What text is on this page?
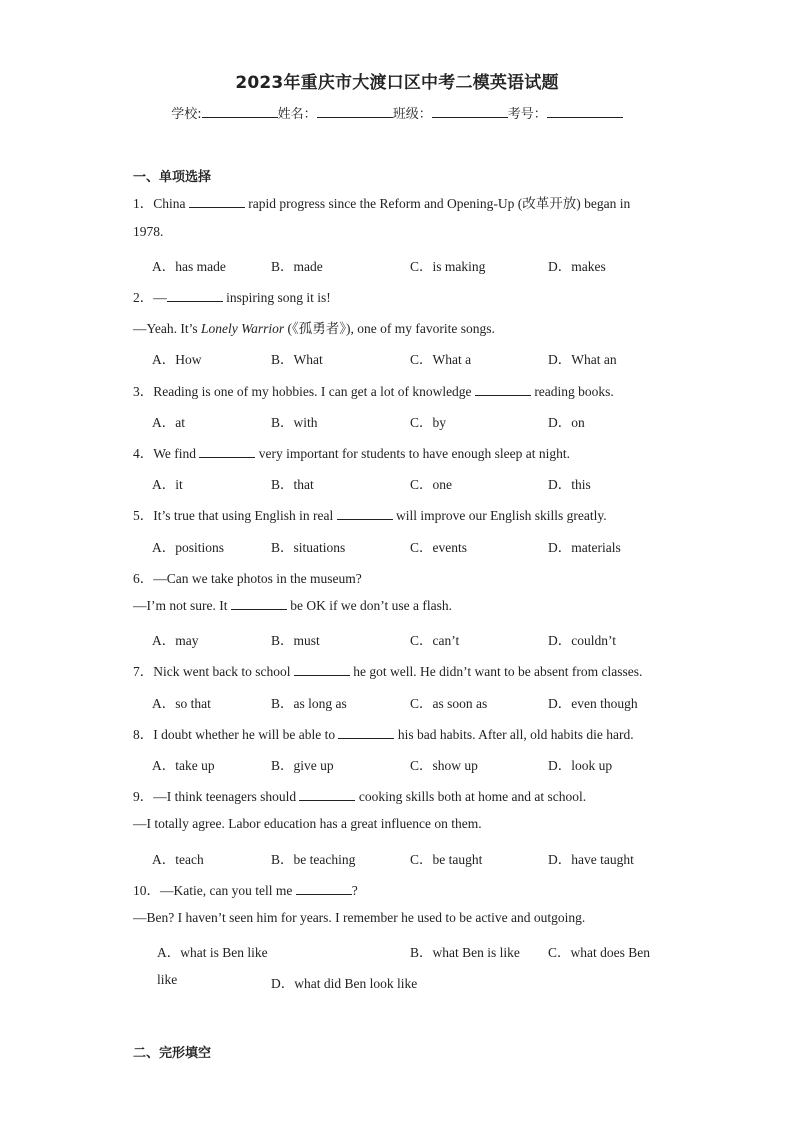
2023年重庆市大渡口区中考二模英语试题
学校:	姓名：	班级：	考号：
一、单项选择
1．China	rapid progress since the Reform and Opening-Up (改革开放) began in
1978.
A．has made	B．made	C．is making	D．makes
2．—	inspiring song it is!
—Yeah. It’s Lonely Warrior (《孤勇者》), one of my favorite songs.
A．How	B．What	C．What a	D．What an
3．Reading is one of my hobbies. I can get a lot of knowledge	reading books.
A．at	B．with	C．by	D．on
4．We find	very important for students to have enough sleep at night.
A．it	B．that	C．one	D．this
5．It’s true that using English in real	will improve our English skills greatly.
A．positions	B．situations	C．events	D．materials
6．—Can we take photos in the museum?
—I’m not sure. It	be OK if we don’t use a flash.
A．may	B．must	C．can’t	D．couldn’t
7．Nick went back to school	he got well. He didn’t want to be absent from classes.
A．so that	B．as long as	C．as soon as	D．even though
8．I doubt whether he will be able to	his bad habits. After all, old habits die hard.
A．take up	B．give up	C．show up	D．look up
9．—I think teenagers should	cooking skills both at home and at school.
—I totally agree. Labor education has a great influence on them.
A．teach	B．be teaching	C．be taught	D．have taught
10．—Katie, can you tell me	?
—Ben? I haven’t seen him for years. I remember he used to be active and outgoing.
A．what is Ben like	B．what Ben is like C．what does Ben
like	D．what did Ben look like
二、完形填空
